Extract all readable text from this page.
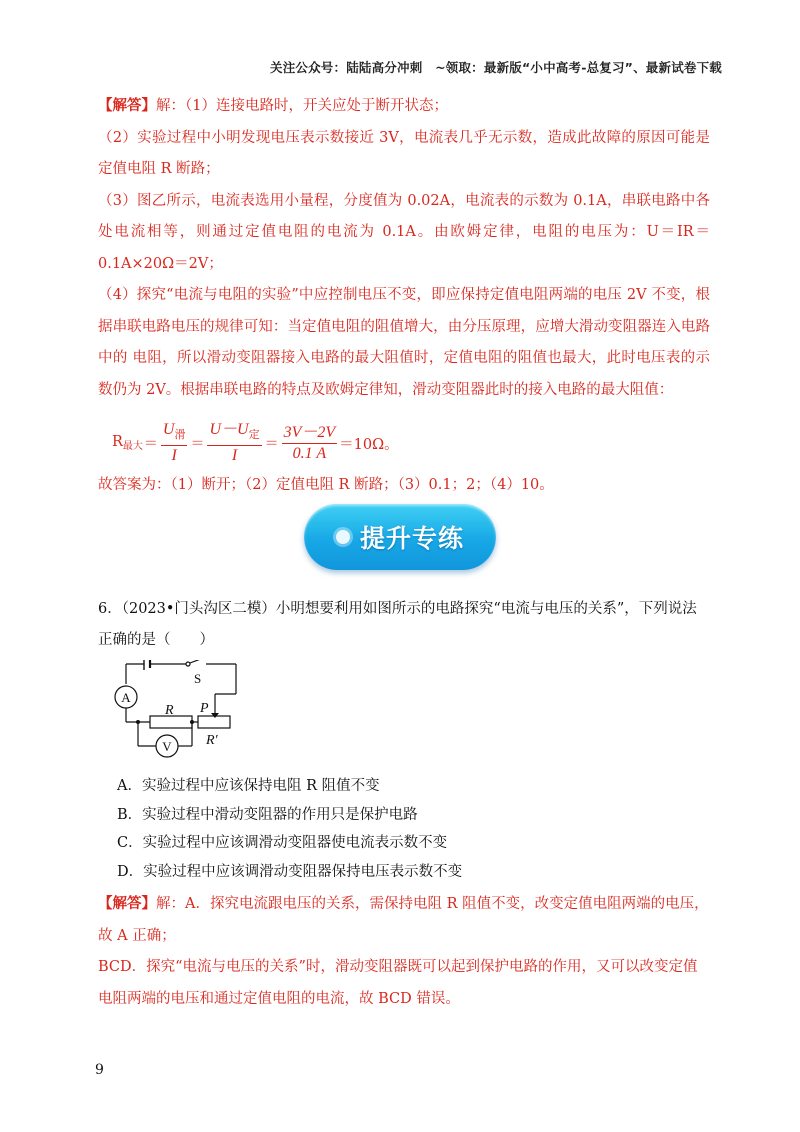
关注公众号：陆陆高分冲刺　~领取：最新版“小中高考-总复习”、最新试卷下载

【解答】解：（1）连接电路时，开关应处于断开状态；

（2）实验过程中小明发现电压表示数接近 3V，电流表几乎无示数，造成此故障的原因可能是定值电阻 R 断路；

（3）图乙所示，电流表选用小量程，分度值为 0.02A，电流表的示数为 0.1A，串联电路中各处电流相等，则通过定值电阻的电流为 0.1A。由欧姆定律，电阻的电压为：U＝IR＝0.1A×20Ω＝2V；

（4）探究“电流与电阻的实验”中应控制电压不变，即应保持定值电阻两端的电压 2V 不变，根据串联电路电压的规律可知：当定值电阻的阻值增大，由分压原理，应增大滑动变阻器连入电路中的 电阻，所以滑动变阻器接入电路的最大阻值时，定值电阻的阻值也最大，此时电压表的示数仍为 2V。根据串联电路的特点及欧姆定律知，滑动变阻器此时的接入电路的最大阻值：

$R_{最大} = \frac{U_滑}{I} = \frac{U-U_定}{I} = \frac{3V-2V}{0.1 A} =10\Omega$。

故答案为：（1）断开；（2）定值电阻 R 断路；（3）0.1；2；（4）10。

提升专练

6．（2023•门头沟区二模）小明想要利用如图所示的电路探究“电流与电压的关系”，下列说法正确的是（　　）

A
V
S
R P
R′

A．实验过程中应该保持电阻 R 阻值不变

B．实验过程中滑动变阻器的作用只是保护电路

C．实验过程中应该调滑动变阻器使电流表示数不变

D．实验过程中应该调滑动变阻器保持电压表示数不变

【解答】解：A．探究电流跟电压的关系，需保持电阻 R 阻值不变，改变定值电阻两端的电压，故 A 正确；

BCD．探究“电流与电压的关系”时，滑动变阻器既可以起到保护电路的作用，又可以改变定值电阻两端的电压和通过定值电阻的电流，故 BCD 错误。

9
